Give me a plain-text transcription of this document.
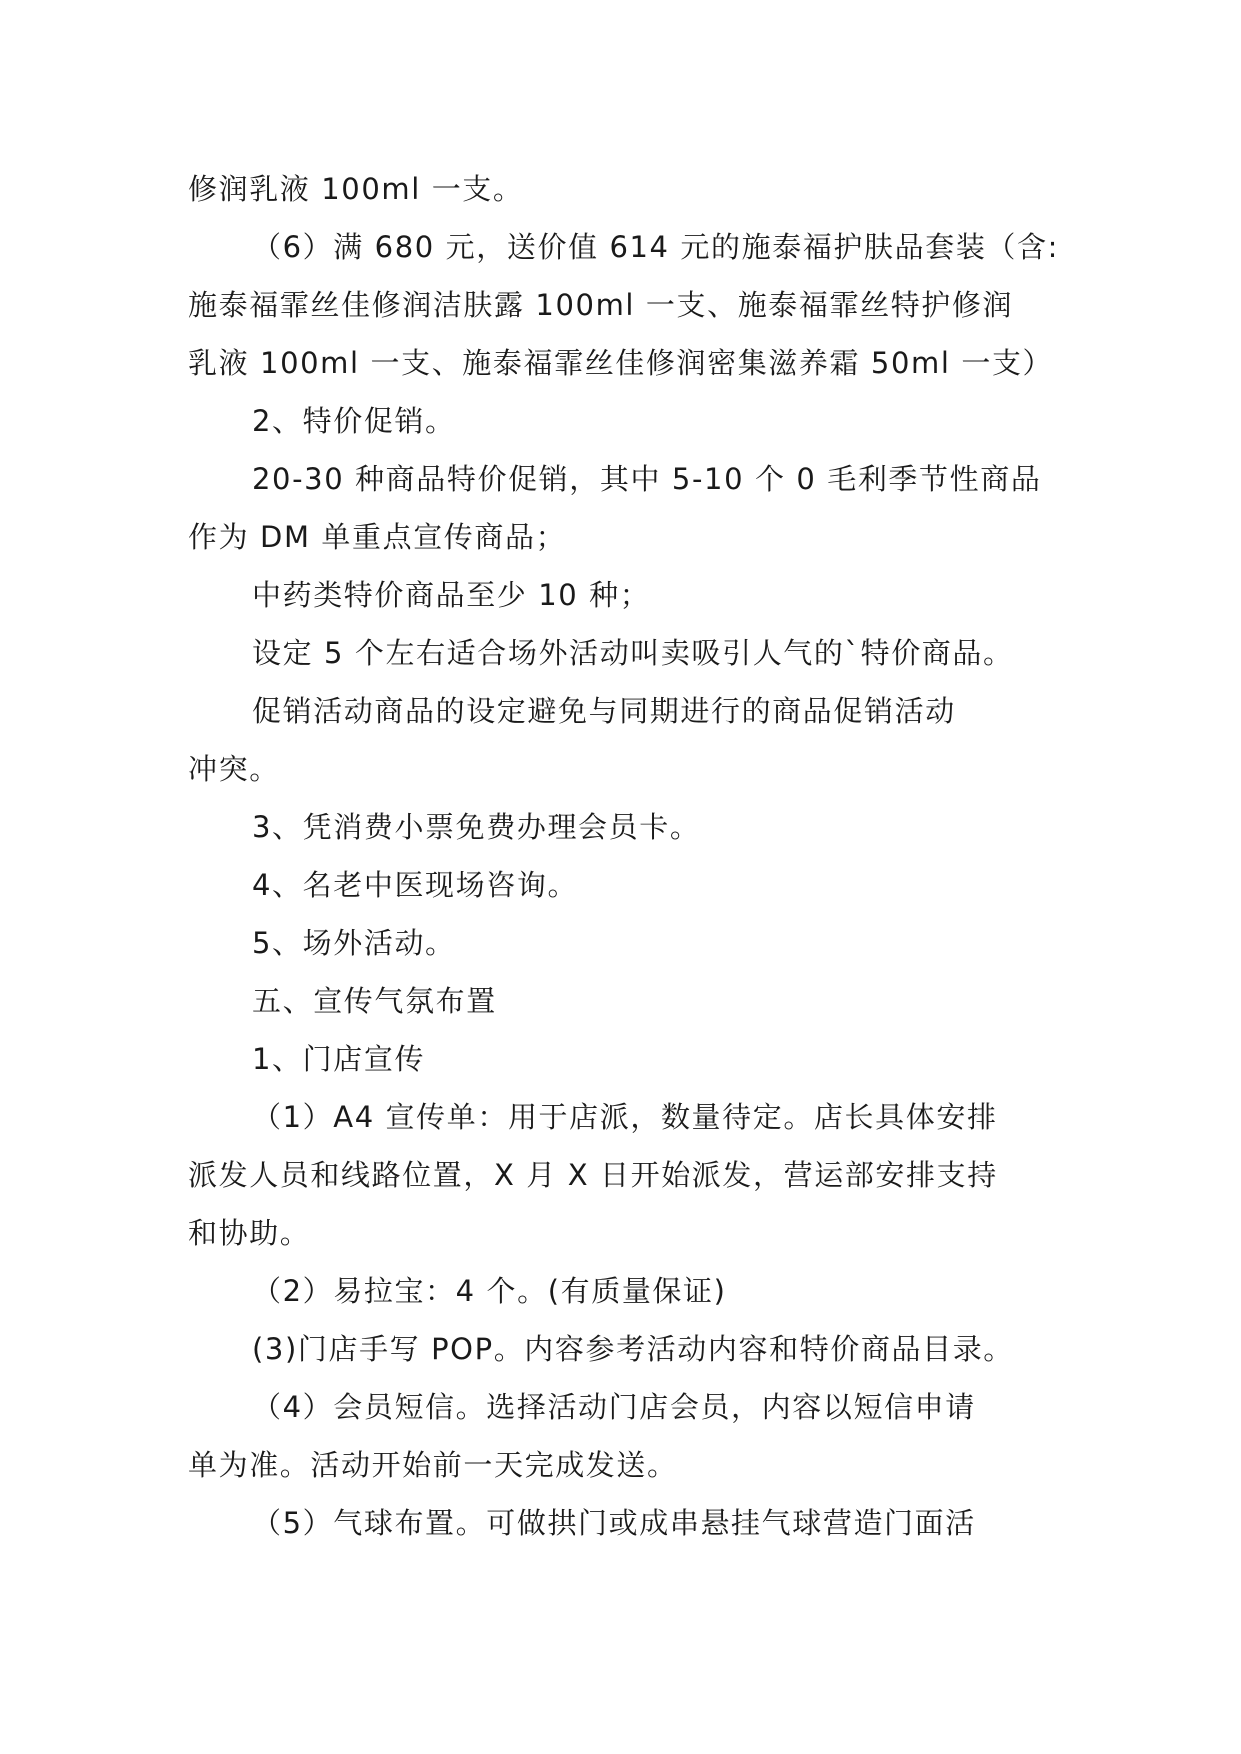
修润乳液 100ml 一支。
（6）满 680 元，送价值 614 元的施泰福护肤品套装（含:
施泰福霏丝佳修润洁肤露 100ml 一支、施泰福霏丝特护修润
乳液 100ml 一支、施泰福霏丝佳修润密集滋养霜 50ml 一支）
2、特价促销。
20-30 种商品特价促销，其中 5-10 个 0 毛利季节性商品
作为 DM 单重点宣传商品；
中药类特价商品至少 10 种；
设定 5 个左右适合场外活动叫卖吸引人气的`特价商品。
促销活动商品的设定避免与同期进行的商品促销活动
冲突。
3、凭消费小票免费办理会员卡。
4、名老中医现场咨询。
5、场外活动。
五、宣传气氛布置
1、门店宣传
（1）A4 宣传单：用于店派，数量待定。店长具体安排
派发人员和线路位置，X 月 X 日开始派发，营运部安排支持
和协助。
（2）易拉宝：4 个。(有质量保证)
(3)门店手写 POP。内容参考活动内容和特价商品目录。
（4）会员短信。选择活动门店会员，内容以短信申请
单为准。活动开始前一天完成发送。
（5）气球布置。可做拱门或成串悬挂气球营造门面活
